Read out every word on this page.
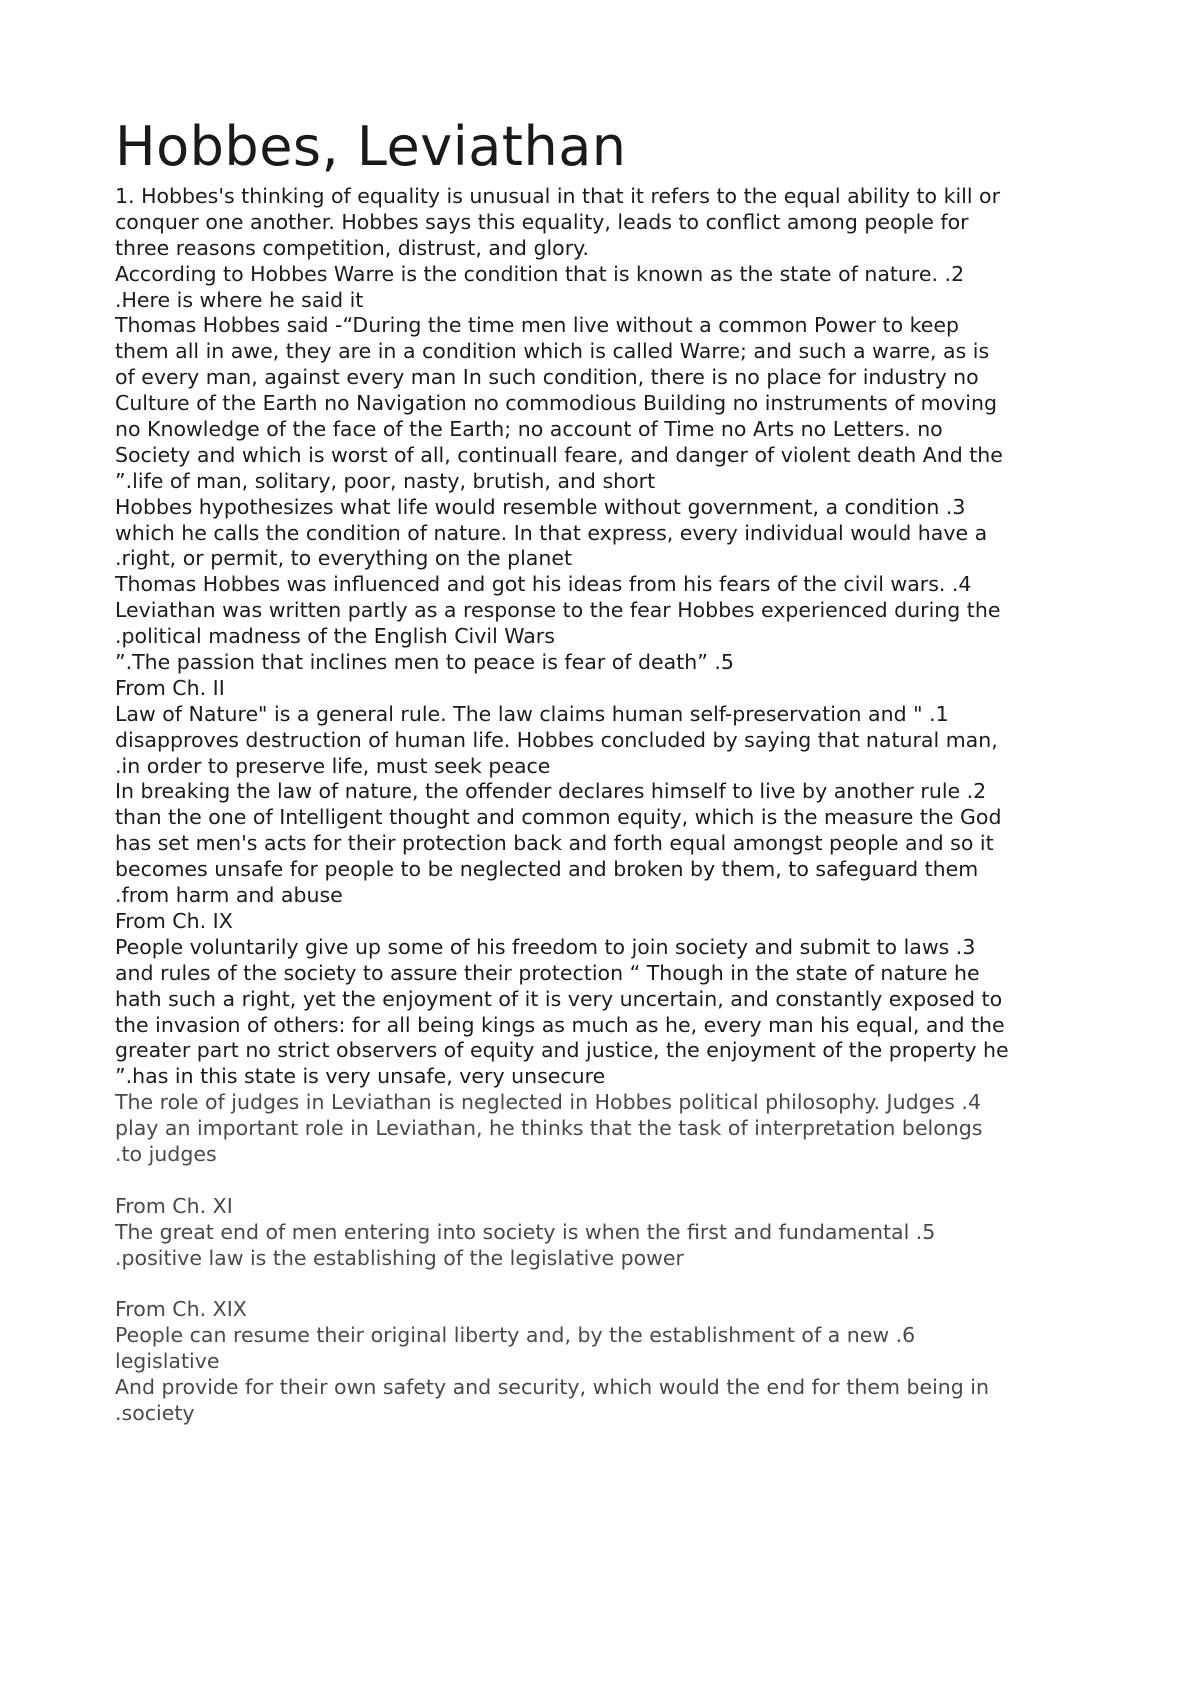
Hobbes, Leviathan
1. Hobbes's thinking of equality is unusual in that it refers to the equal ability to kill or
conquer one another. Hobbes says this equality, leads to conflict among people for
three reasons competition, distrust, and glory.
According to Hobbes Warre is the condition that is known as the state of nature. .2
.Here is where he said it
Thomas Hobbes said -“During the time men live without a common Power to keep
them all in awe, they are in a condition which is called Warre; and such a warre, as is
of every man, against every man In such condition, there is no place for industry no
Culture of the Earth no Navigation no commodious Building no instruments of moving
no Knowledge of the face of the Earth; no account of Time no Arts no Letters. no
Society and which is worst of all, continuall feare, and danger of violent death And the
”.life of man, solitary, poor, nasty, brutish, and short
Hobbes hypothesizes what life would resemble without government, a condition .3
which he calls the condition of nature. In that express, every individual would have a
.right, or permit, to everything on the planet
Thomas Hobbes was influenced and got his ideas from his fears of the civil wars. .4
Leviathan was written partly as a response to the fear Hobbes experienced during the
.political madness of the English Civil Wars
”.The passion that inclines men to peace is fear of death” .5
From Ch. II
Law of Nature" is a general rule. The law claims human self-preservation and " .1
disapproves destruction of human life. Hobbes concluded by saying that natural man,
.in order to preserve life, must seek peace
In breaking the law of nature, the offender declares himself to live by another rule .2
than the one of Intelligent thought and common equity, which is the measure the God
has set men's acts for their protection back and forth equal amongst people and so it
becomes unsafe for people to be neglected and broken by them, to safeguard them
.from harm and abuse
From Ch. IX
People voluntarily give up some of his freedom to join society and submit to laws .3
and rules of the society to assure their protection “ Though in the state of nature he
hath such a right, yet the enjoyment of it is very uncertain, and constantly exposed to
the invasion of others: for all being kings as much as he, every man his equal, and the
greater part no strict observers of equity and justice, the enjoyment of the property he
”.has in this state is very unsafe, very unsecure
The role of judges in Leviathan is neglected in Hobbes political philosophy. Judges .4
play an important role in Leviathan, he thinks that the task of interpretation belongs
.to judges
From Ch. XI
The great end of men entering into society is when the first and fundamental .5
.positive law is the establishing of the legislative power
From Ch. XIX
People can resume their original liberty and, by the establishment of a new .6
legislative
And provide for their own safety and security, which would the end for them being in
.society
